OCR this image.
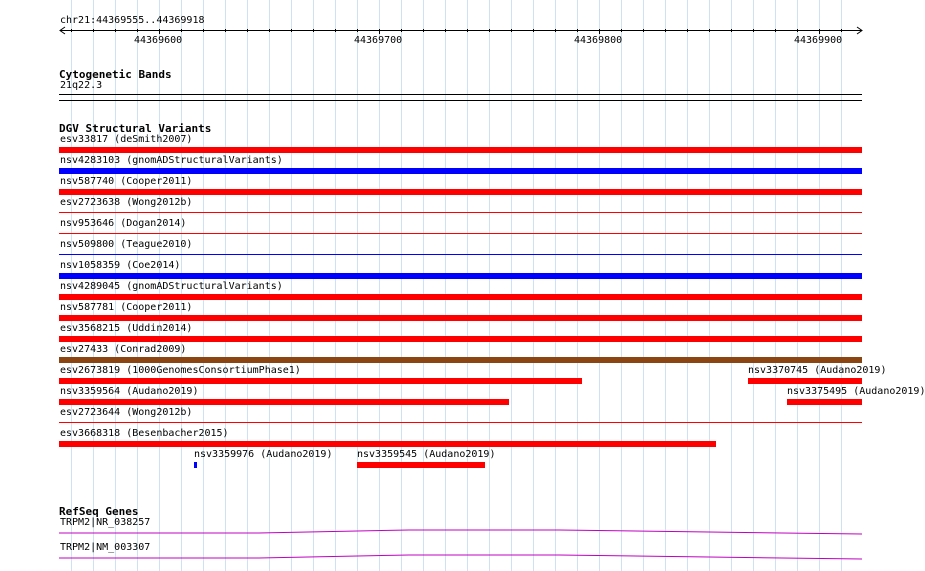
chr21:44369555..44369918
44369600	44369700	44369800	44369900
Cytogenetic Bands
21q22.3
DGV Structural Variants
esv33817 (deSmith2007)
nsv4283103 (gnomADStructuralVariants)
nsv587740 (Cooper2011)
esv2723638 (Wong2012b)
nsv953646 (Dogan2014)
nsv509800 (Teague2010)
nsv1058359 (Coe2014)
nsv4289045 (gnomADStructuralVariants)
nsv587781 (Cooper2011)
esv3568215 (Uddin2014)
esv27433 (Conrad2009)
esv2673819 (1000GenomesConsortiumPhase1)	nsv3370745 (Audano2019)
nsv3359564 (Audano2019)	nsv3375495 (Audano2019)
esv2723644 (Wong2012b)
esv3668318 (Besenbacher2015)
nsv3359976 (Audano2019) nsv3359545 (Audano2019)
RefSeq Genes
TRPM2|NR_038257
TRPM2|NM_003307
